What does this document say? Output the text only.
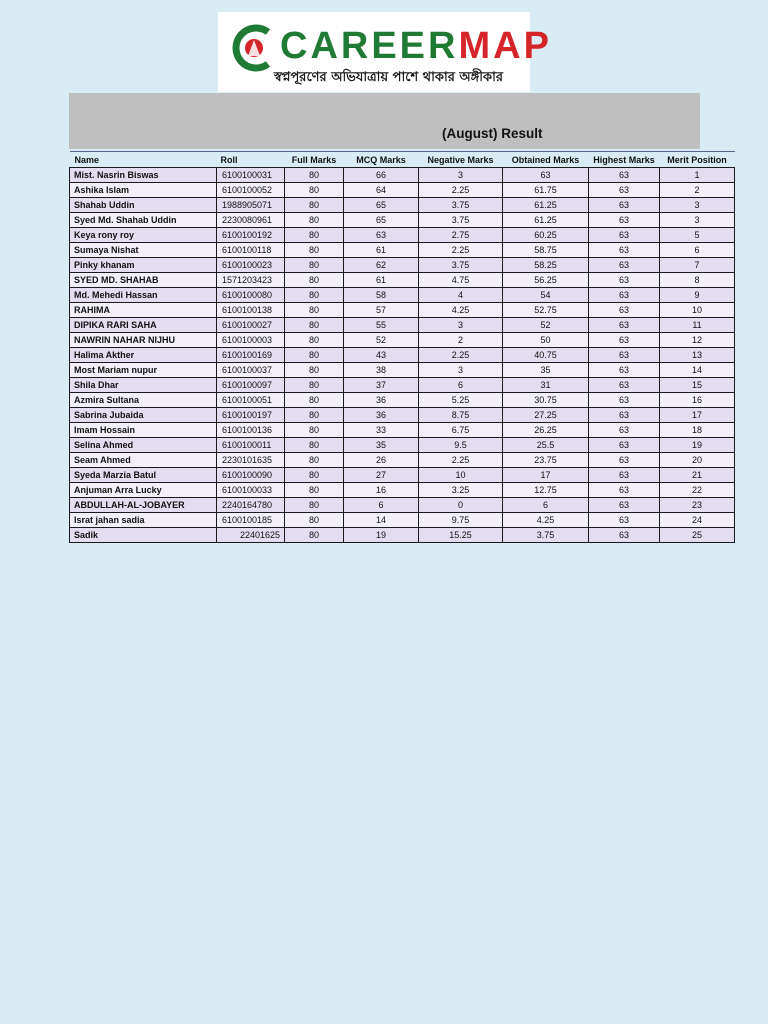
CAREERMAP
স্বপ্নপূরণের অভিযাত্রায় পাশে থাকার অঙ্গীকার
(August) Result
Name	Roll	Full Marks	MCQ Marks	Negative Marks	Obtained Marks	Highest Marks	Merit Position
Mist. Nasrin Biswas	6100100031	80	66	3	63	63	1
Ashika Islam	6100100052	80	64	2.25	61.75	63	2
Shahab Uddin	1988905071	80	65	3.75	61.25	63	3
Syed Md. Shahab Uddin	2230080961	80	65	3.75	61.25	63	3
Keya rony roy	6100100192	80	63	2.75	60.25	63	5
Sumaya Nishat	6100100118	80	61	2.25	58.75	63	6
Pinky khanam	6100100023	80	62	3.75	58.25	63	7
SYED MD. SHAHAB	1571203423	80	61	4.75	56.25	63	8
Md. Mehedi Hassan	6100100080	80	58	4	54	63	9
RAHIMA	6100100138	80	57	4.25	52.75	63	10
DIPIKA RARI SAHA	6100100027	80	55	3	52	63	11
NAWRIN NAHAR NIJHU	6100100003	80	52	2	50	63	12
Halima Akther	6100100169	80	43	2.25	40.75	63	13
Most Mariam nupur	6100100037	80	38	3	35	63	14
Shila Dhar	6100100097	80	37	6	31	63	15
Azmira Sultana	6100100051	80	36	5.25	30.75	63	16
Sabrina Jubaida	6100100197	80	36	8.75	27.25	63	17
Imam Hossain	6100100136	80	33	6.75	26.25	63	18
Selina Ahmed	6100100011	80	35	9.5	25.5	63	19
Seam Ahmed	2230101635	80	26	2.25	23.75	63	20
Syeda Marzia Batul	6100100090	80	27	10	17	63	21
Anjuman Arra Lucky	6100100033	80	16	3.25	12.75	63	22
ABDULLAH-AL-JOBAYER	2240164780	80	6	0	6	63	23
Israt jahan sadia	6100100185	80	14	9.75	4.25	63	24
Sadik	22401625	80	19	15.25	3.75	63	25
